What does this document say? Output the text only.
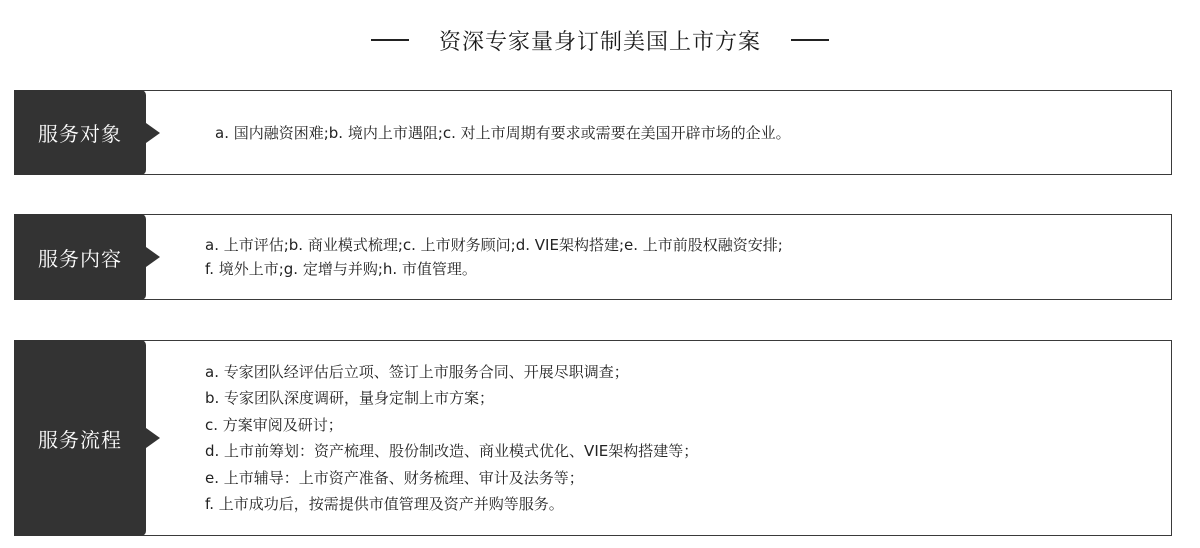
资深专家量身订制美国上市方案
服务对象	a. 国内融资困难;b. 境内上市遇阻;c. 对上市周期有要求或需要在美国开辟市场的企业。
服务内容
a. 上市评估;b. 商业模式梳理;c. 上市财务顾问;d. VIE架构搭建;e. 上市前股权融资安排;
f. 境外上市;g. 定增与并购;h. 市值管理。
服务流程
a. 专家团队经评估后立项、签订上市服务合同、开展尽职调查；
b. 专家团队深度调研，量身定制上市方案；
c. 方案审阅及研讨；
d. 上市前筹划：资产梳理、股份制改造、商业模式优化、VIE架构搭建等；
e. 上市辅导：上市资产准备、财务梳理、审计及法务等；
f. 上市成功后，按需提供市值管理及资产并购等服务。
